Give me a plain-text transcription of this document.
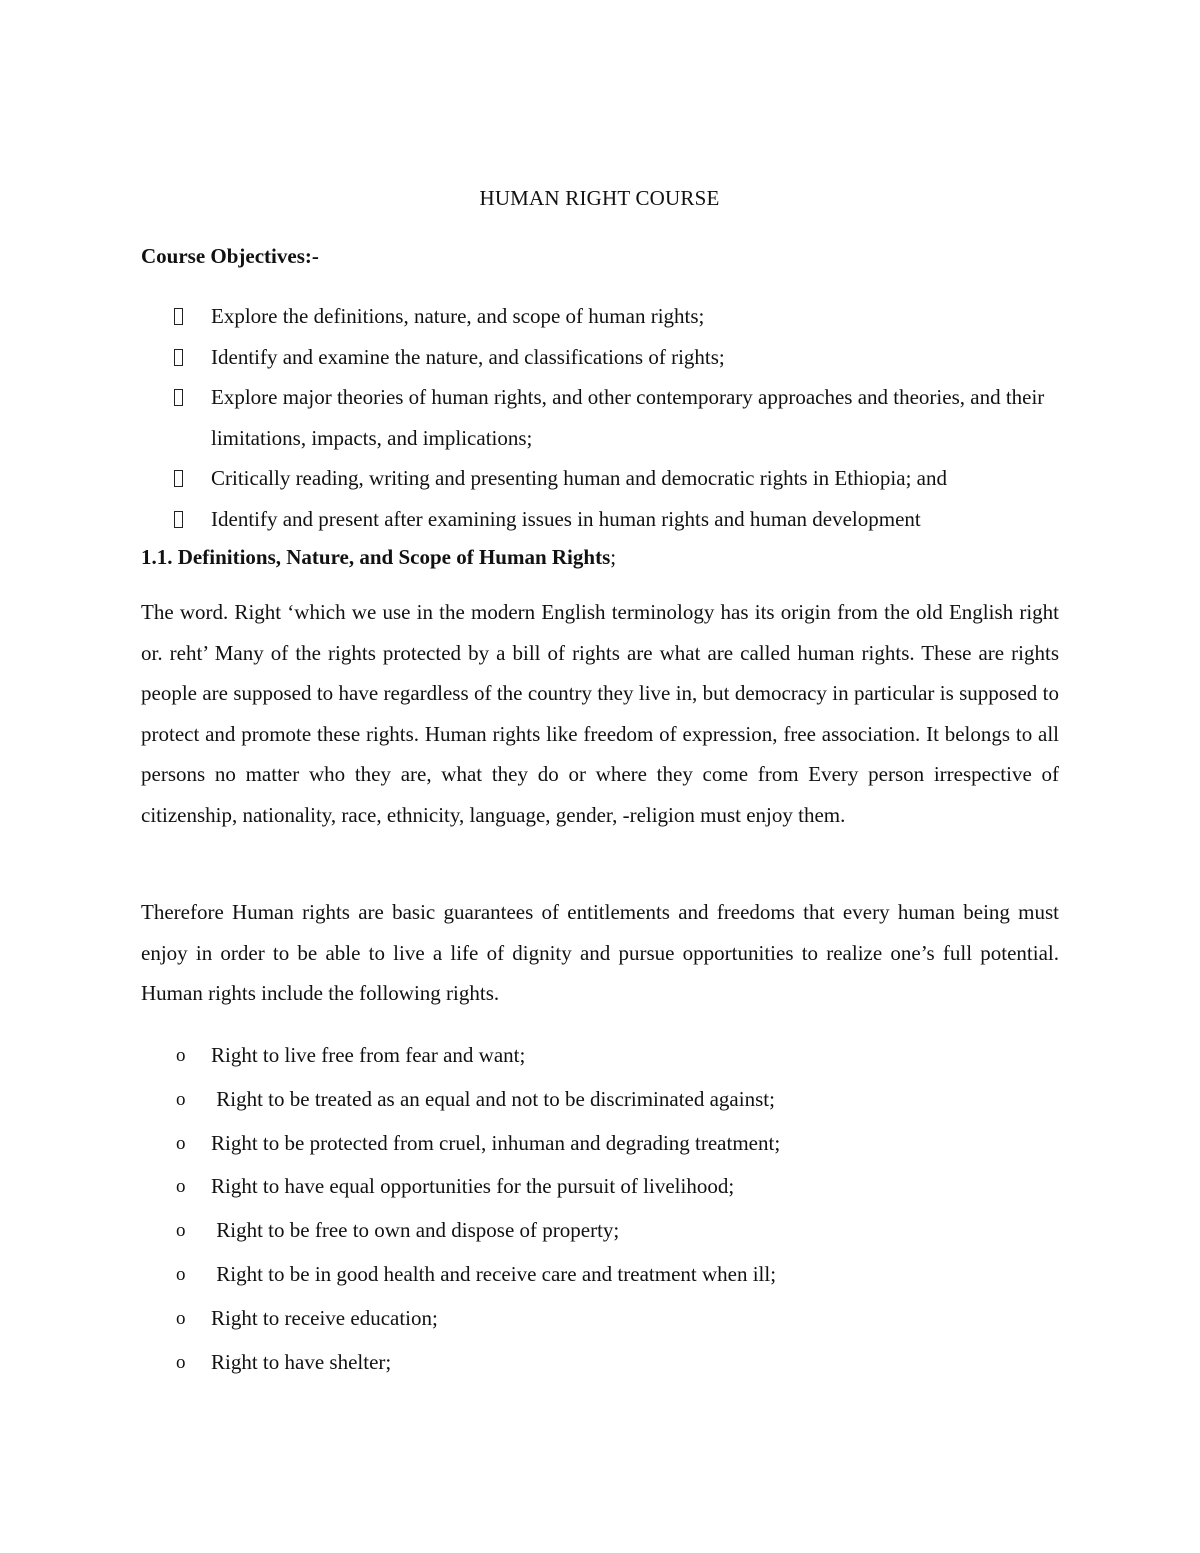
HUMAN RIGHT COURSE
Course Objectives:-
Explore the definitions, nature, and scope of human rights;
Identify and examine the nature, and classifications of rights;
Explore major theories of human rights, and other contemporary approaches and theories, and their limitations, impacts, and implications;
Critically reading, writing and presenting human and democratic rights in Ethiopia; and
Identify and present after examining issues in human rights and human development
1.1. Definitions, Nature, and Scope of Human Rights;

The word. Right ‘which we use in the modern English terminology has its origin from the old English right or. reht’ Many of the rights protected by a bill of rights are what are called human rights. These are rights people are supposed to have regardless of the country they live in, but democracy in particular is supposed to protect and promote these rights. Human rights like freedom of expression, free association. It belongs to all persons no matter who they are, what they do or where they come from Every person irrespective of citizenship, nationality, race, ethnicity, language, gender, -religion must enjoy them.

Therefore Human rights are basic guarantees of entitlements and freedoms that every human being must enjoy in order to be able to live a life of dignity and pursue opportunities to realize one’s full potential. Human rights include the following rights.

o Right to live free from fear and want;
o Right to be treated as an equal and not to be discriminated against;
o Right to be protected from cruel, inhuman and degrading treatment;
o Right to have equal opportunities for the pursuit of livelihood;
o Right to be free to own and dispose of property;
o Right to be in good health and receive care and treatment when ill;
o Right to receive education;
o Right to have shelter;
